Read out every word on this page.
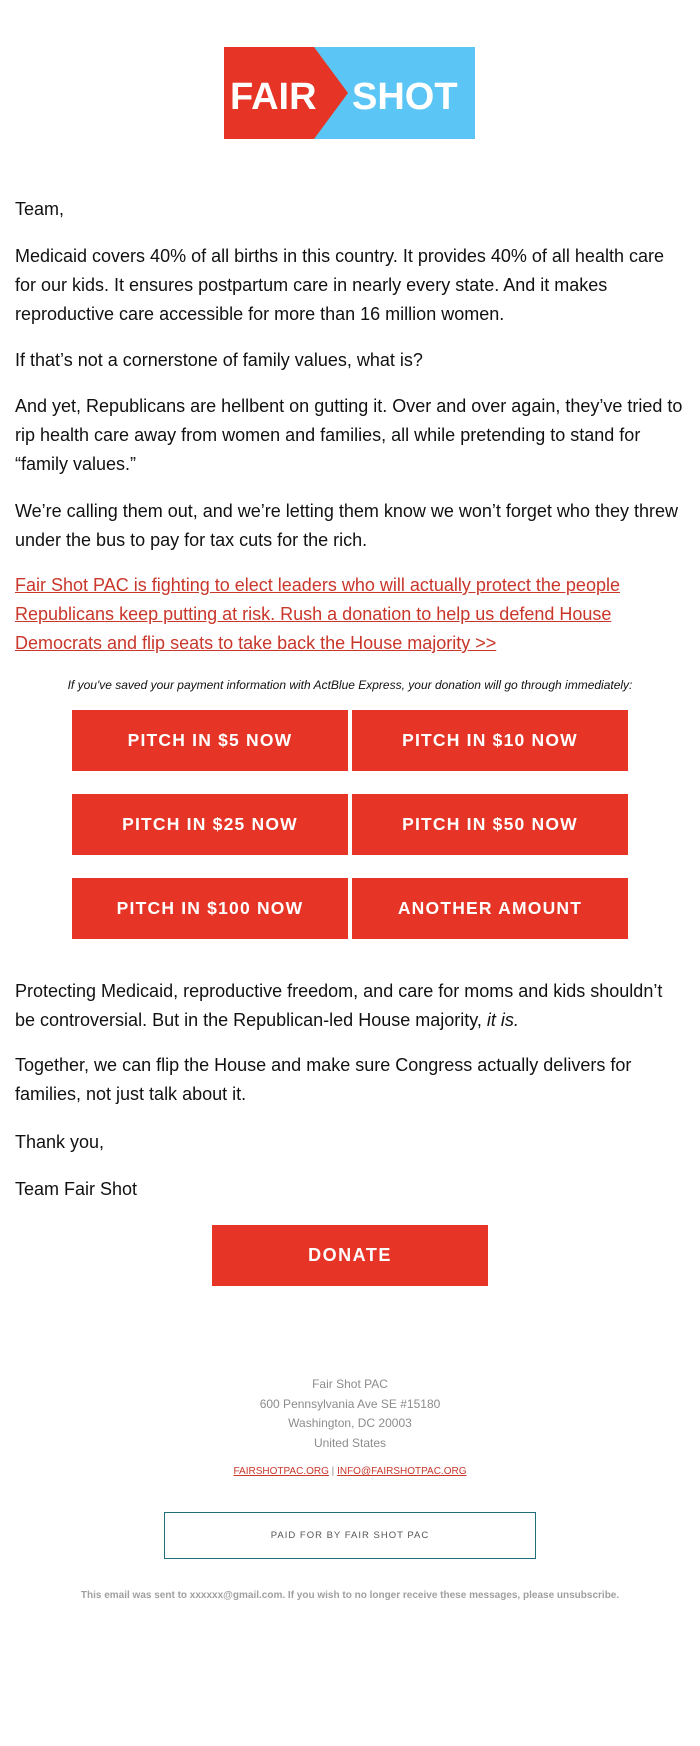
FAIR SHOT

Team,

Medicaid covers 40% of all births in this country. It provides 40% of all health care for our kids. It ensures postpartum care in nearly every state. And it makes reproductive care accessible for more than 16 million women.

If that’s not a cornerstone of family values, what is?

And yet, Republicans are hellbent on gutting it. Over and over again, they’ve tried to rip health care away from women and families, all while pretending to stand for “family values.”

We’re calling them out, and we’re letting them know we won’t forget who they threw under the bus to pay for tax cuts for the rich.

Fair Shot PAC is fighting to elect leaders who will actually protect the people Republicans keep putting at risk. Rush a donation to help us defend House Democrats and flip seats to take back the House majority >>
If you've saved your payment information with ActBlue Express, your donation will go through immediately:
PITCH IN $5 NOW	PITCH IN $10 NOW
PITCH IN $25 NOW	PITCH IN $50 NOW
PITCH IN $100 NOW	ANOTHER AMOUNT

Protecting Medicaid, reproductive freedom, and care for moms and kids shouldn’t be controversial. But in the Republican-led House majority, it is.

Together, we can flip the House and make sure Congress actually delivers for families, not just talk about it.

Thank you,

Team Fair Shot

DONATE
Fair Shot PAC
600 Pennsylvania Ave SE #15180
Washington, DC 20003
United States
FAIRSHOTPAC.ORG | INFO@FAIRSHOTPAC.ORG
PAID FOR BY FAIR SHOT PAC
This email was sent to xxxxxx@gmail.com. If you wish to no longer receive these messages, please unsubscribe.
